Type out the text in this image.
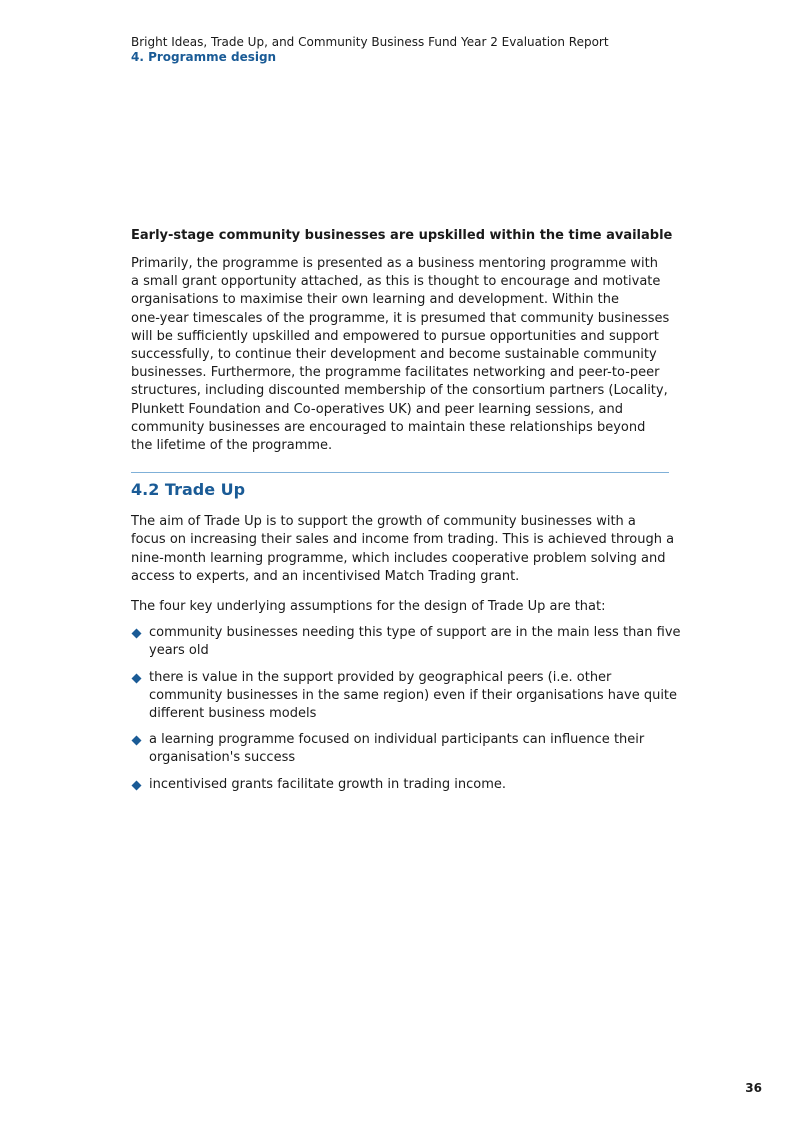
Bright Ideas, Trade Up, and Community Business Fund Year 2 Evaluation Report

4. Programme design

Early-stage community businesses are upskilled within the time available

Primarily, the programme is presented as a business mentoring programme with
a small grant opportunity attached, as this is thought to encourage and motivate
organisations to maximise their own learning and development. Within the
one-year timescales of the programme, it is presumed that community businesses
will be sufficiently upskilled and empowered to pursue opportunities and support
successfully, to continue their development and become sustainable community
businesses. Furthermore, the programme facilitates networking and peer-to-peer
structures, including discounted membership of the consortium partners (Locality,
Plunkett Foundation and Co-operatives UK) and peer learning sessions, and
community businesses are encouraged to maintain these relationships beyond
the lifetime of the programme.

4.2 Trade Up

The aim of Trade Up is to support the growth of community businesses with a
focus on increasing their sales and income from trading. This is achieved through a
nine-month learning programme, which includes cooperative problem solving and
access to experts, and an incentivised Match Trading grant.

The four key underlying assumptions for the design of Trade Up are that:

community businesses needing this type of support are in the main less than five
years old
there is value in the support provided by geographical peers (i.e. other
community businesses in the same region) even if their organisations have quite
different business models
a learning programme focused on individual participants can influence their
organisation's success
incentivised grants facilitate growth in trading income.
36
